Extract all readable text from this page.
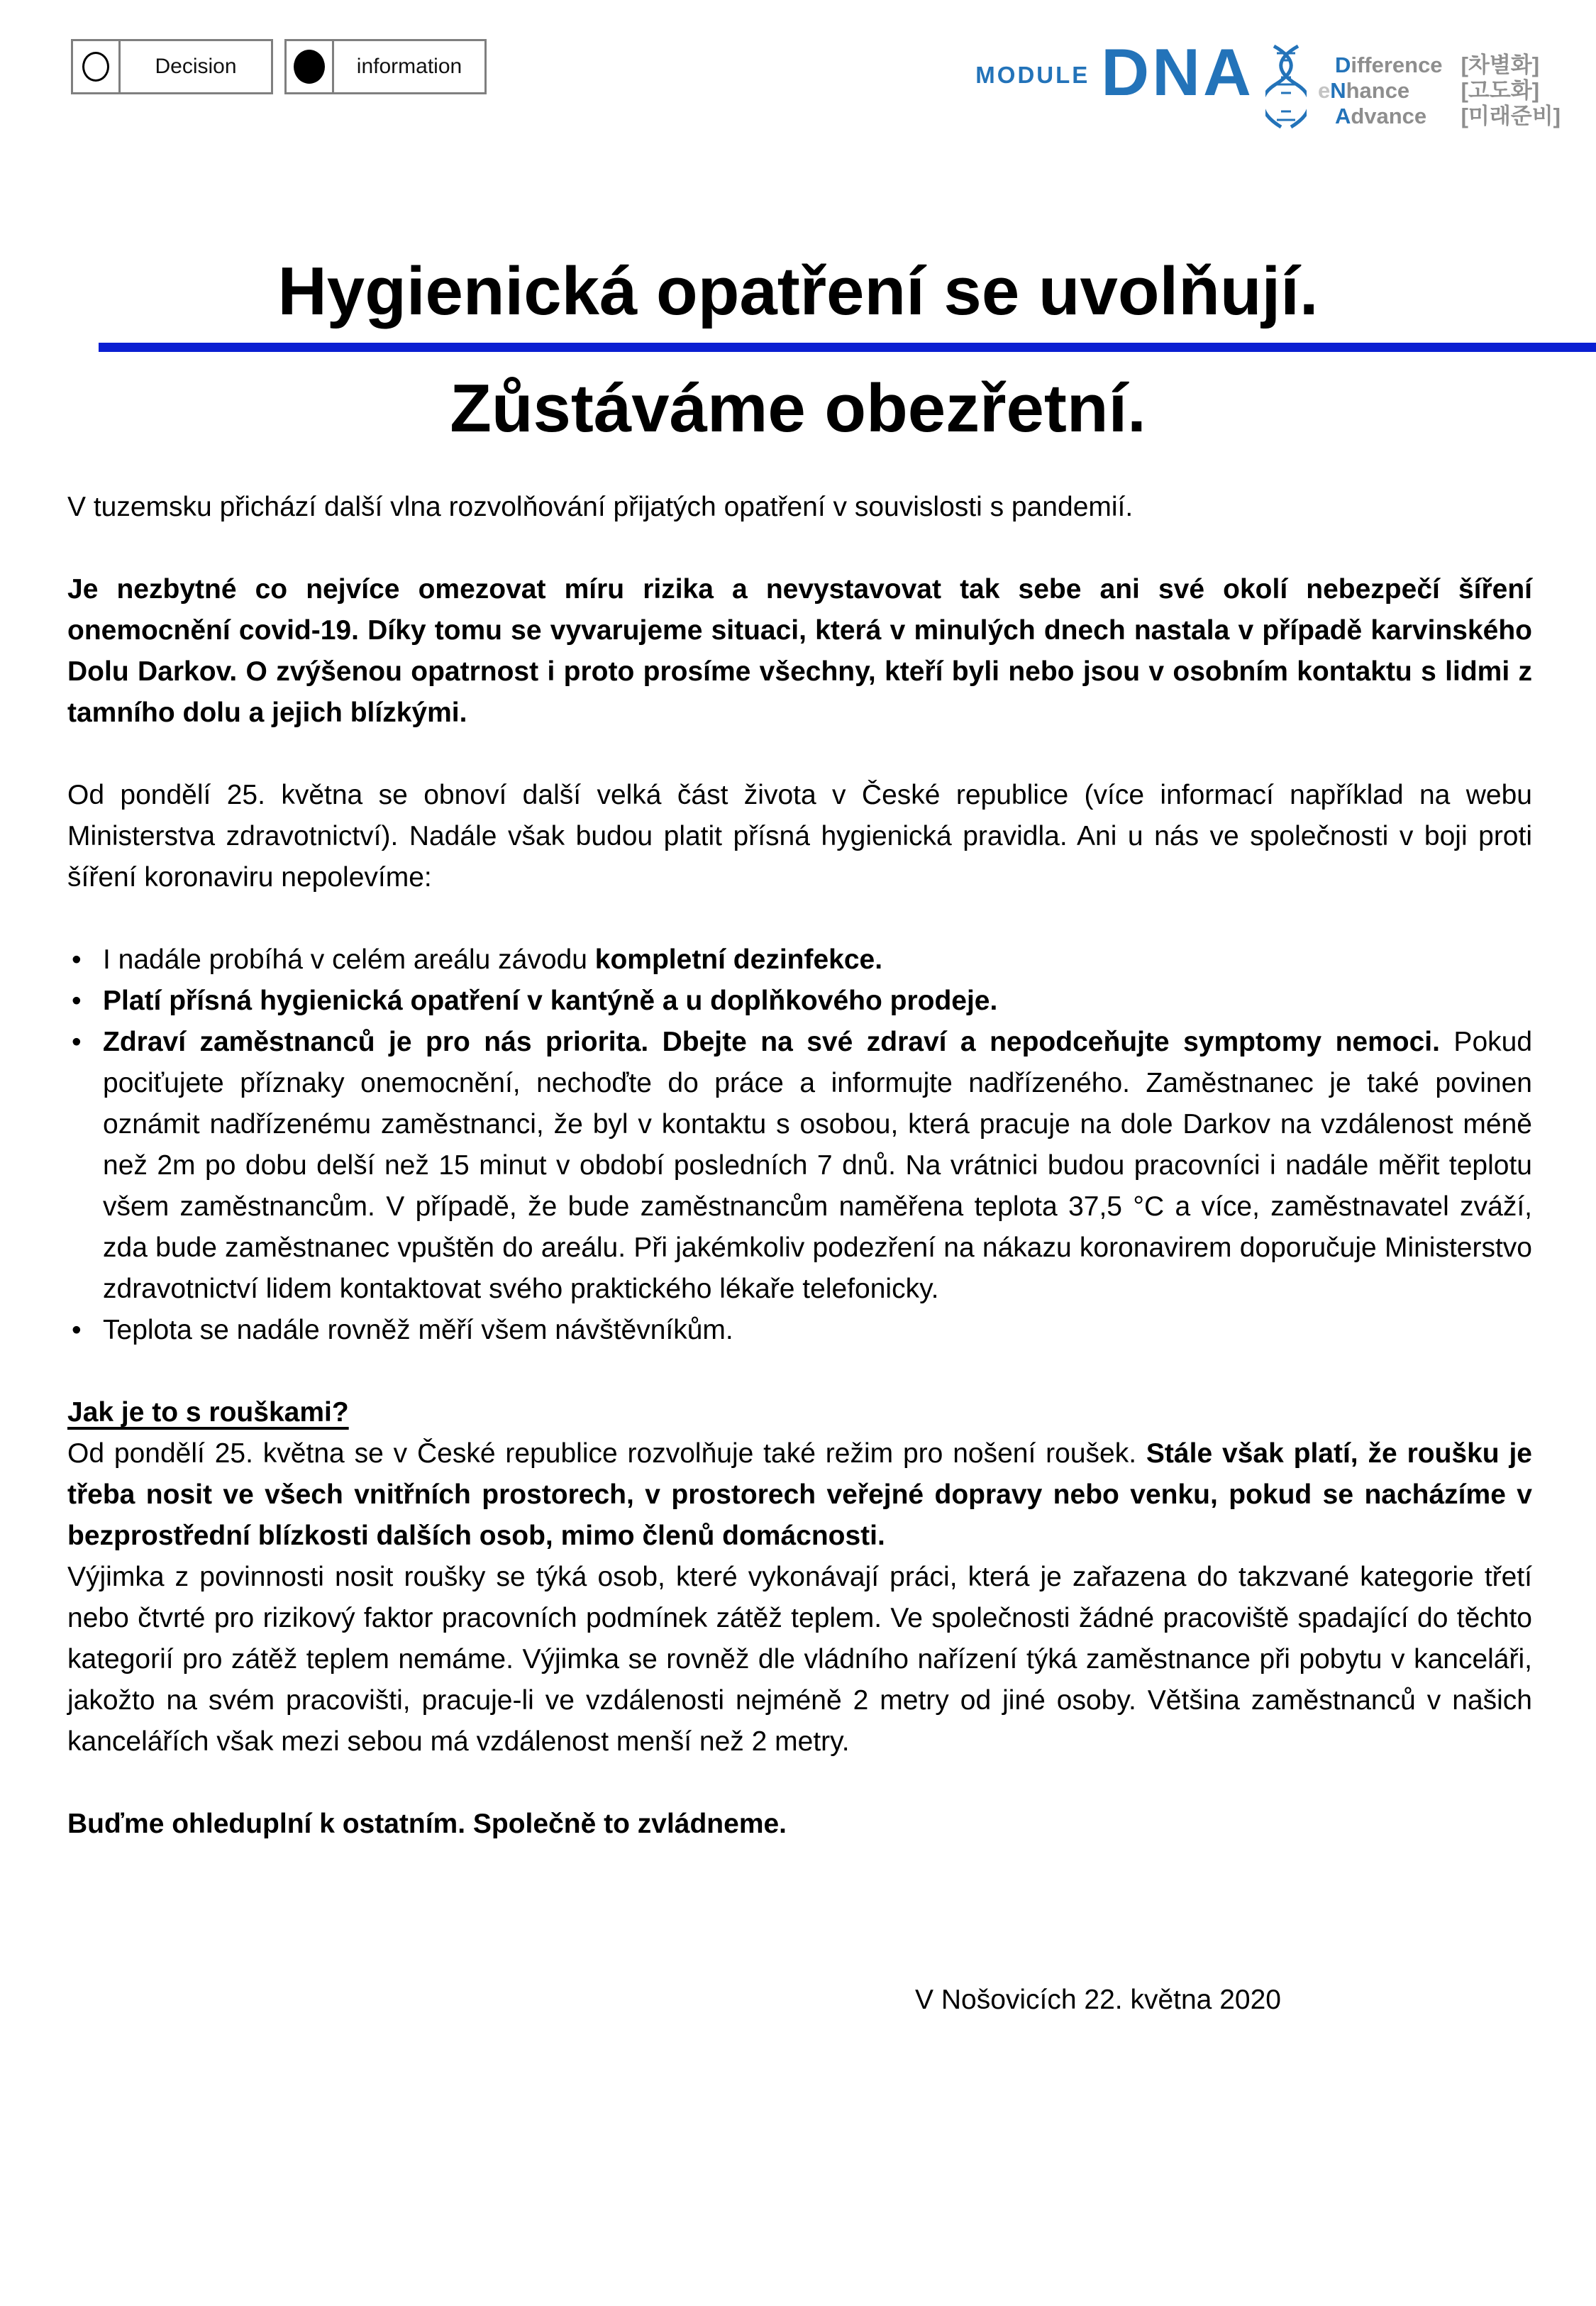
Decision	information	MODULE DNA	Difference [차별화]
eNhance	[고도화]
Advance	[미래준비]
Hygienická opatření se uvolňují.
Zůstáváme obezřetní.

V tuzemsku přichází další vlna rozvolňování přijatých opatření v souvislosti s pandemií.

Je nezbytné co nejvíce omezovat míru rizika a nevystavovat tak sebe ani své okolí nebezpečí šíření onemocnění covid-19. Díky tomu se vyvarujeme situaci, která v minulých dnech nastala v případě karvinského Dolu Darkov. O zvýšenou opatrnost i proto prosíme všechny, kteří byli nebo jsou v osobním kontaktu s lidmi z tamního dolu a jejich blízkými.

Od pondělí 25. května se obnoví další velká část života v České republice (více informací například na webu Ministerstva zdravotnictví). Nadále však budou platit přísná hygienická pravidla. Ani u nás ve společnosti v boji proti šíření koronaviru nepolevíme:

• I nadále probíhá v celém areálu závodu kompletní dezinfekce.
• Platí přísná hygienická opatření v kantýně a u doplňkového prodeje.
• Zdraví zaměstnanců je pro nás priorita. Dbejte na své zdraví a nepodceňujte symptomy nemoci. Pokud pociťujete příznaky onemocnění, nechoďte do práce a informujte nadřízeného. Zaměstnanec je také povinen oznámit nadřízenému zaměstnanci, že byl v kontaktu s osobou, která pracuje na dole Darkov na vzdálenost méně než 2m po dobu delší než 15 minut v období posledních 7 dnů. Na vrátnici budou pracovníci i nadále měřit teplotu všem zaměstnancům. V případě, že bude zaměstnancům naměřena teplota 37,5 °C a více, zaměstnavatel zváží, zda bude zaměstnanec vpuštěn do areálu. Při jakémkoliv podezření na nákazu koronavirem doporučuje Ministerstvo zdravotnictví lidem kontaktovat svého praktického lékaře telefonicky.
• Teplota se nadále rovněž měří všem návštěvníkům.

Jak je to s rouškami?

Od pondělí 25. května se v České republice rozvolňuje také režim pro nošení roušek. Stále však platí, že roušku je třeba nosit ve všech vnitřních prostorech, v prostorech veřejné dopravy nebo venku, pokud se nacházíme v bezprostřední blízkosti dalších osob, mimo členů domácnosti.

Výjimka z povinnosti nosit roušky se týká osob, které vykonávají práci, která je zařazena do takzvané kategorie třetí nebo čtvrté pro rizikový faktor pracovních podmínek zátěž teplem. Ve společnosti žádné pracoviště spadající do těchto kategorií pro zátěž teplem nemáme. Výjimka se rovněž dle vládního nařízení týká zaměstnance při pobytu v kanceláři, jakožto na svém pracovišti, pracuje-li ve vzdálenosti nejméně 2 metry od jiné osoby. Většina zaměstnanců v našich kancelářích však mezi sebou má vzdálenost menší než 2 metry.

Buďme ohleduplní k ostatním. Společně to zvládneme.

V Nošovicích 22. května 2020
